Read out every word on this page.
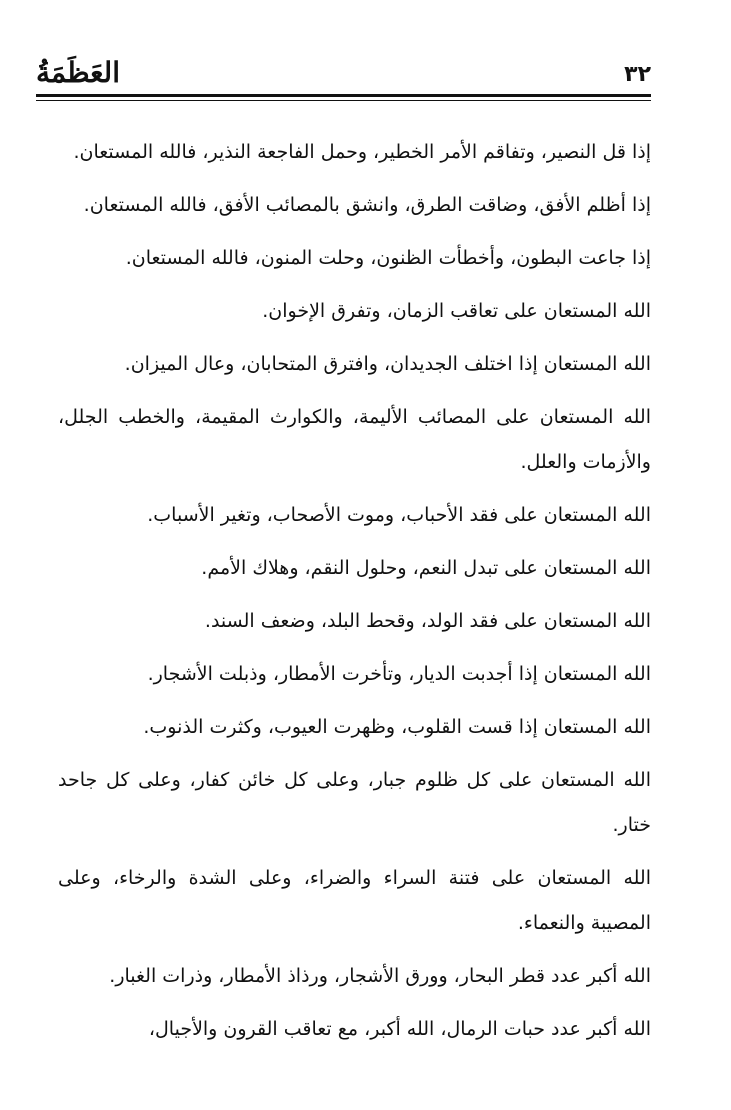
٣٢
العَظَمَةُ

إذا قل النصير، وتفاقم الأمر الخطير، وحمل الفاجعة النذير، فالله المستعان.

إذا أظلم الأفق، وضاقت الطرق، وانشق بالمصائب الأفق، فالله المستعان.

إذا جاعت البطون، وأخطأت الظنون، وحلت المنون، فالله المستعان.

الله المستعان على تعاقب الزمان، وتفرق الإخوان.

الله المستعان إذا اختلف الجديدان، وافترق المتحابان، وعال الميزان.

الله المستعان على المصائب الأليمة، والكوارث المقيمة، والخطب الجلل، والأزمات والعلل.

الله المستعان على فقد الأحباب، وموت الأصحاب، وتغير الأسباب.

الله المستعان على تبدل النعم، وحلول النقم، وهلاك الأمم.

الله المستعان على فقد الولد، وقحط البلد، وضعف السند.

الله المستعان إذا أجدبت الديار، وتأخرت الأمطار، وذبلت الأشجار.

الله المستعان إذا قست القلوب، وظهرت العيوب، وكثرت الذنوب.

الله المستعان على كل ظلوم جبار، وعلى كل خائن كفار، وعلى كل جاحد ختار.

الله المستعان على فتنة السراء والضراء، وعلى الشدة والرخاء، وعلى المصيبة والنعماء.

الله أكبر عدد قطر البحار، وورق الأشجار، ورذاذ الأمطار، وذرات الغبار.

الله أكبر عدد حبات الرمال، الله أكبر، مع تعاقب القرون والأجيال،
